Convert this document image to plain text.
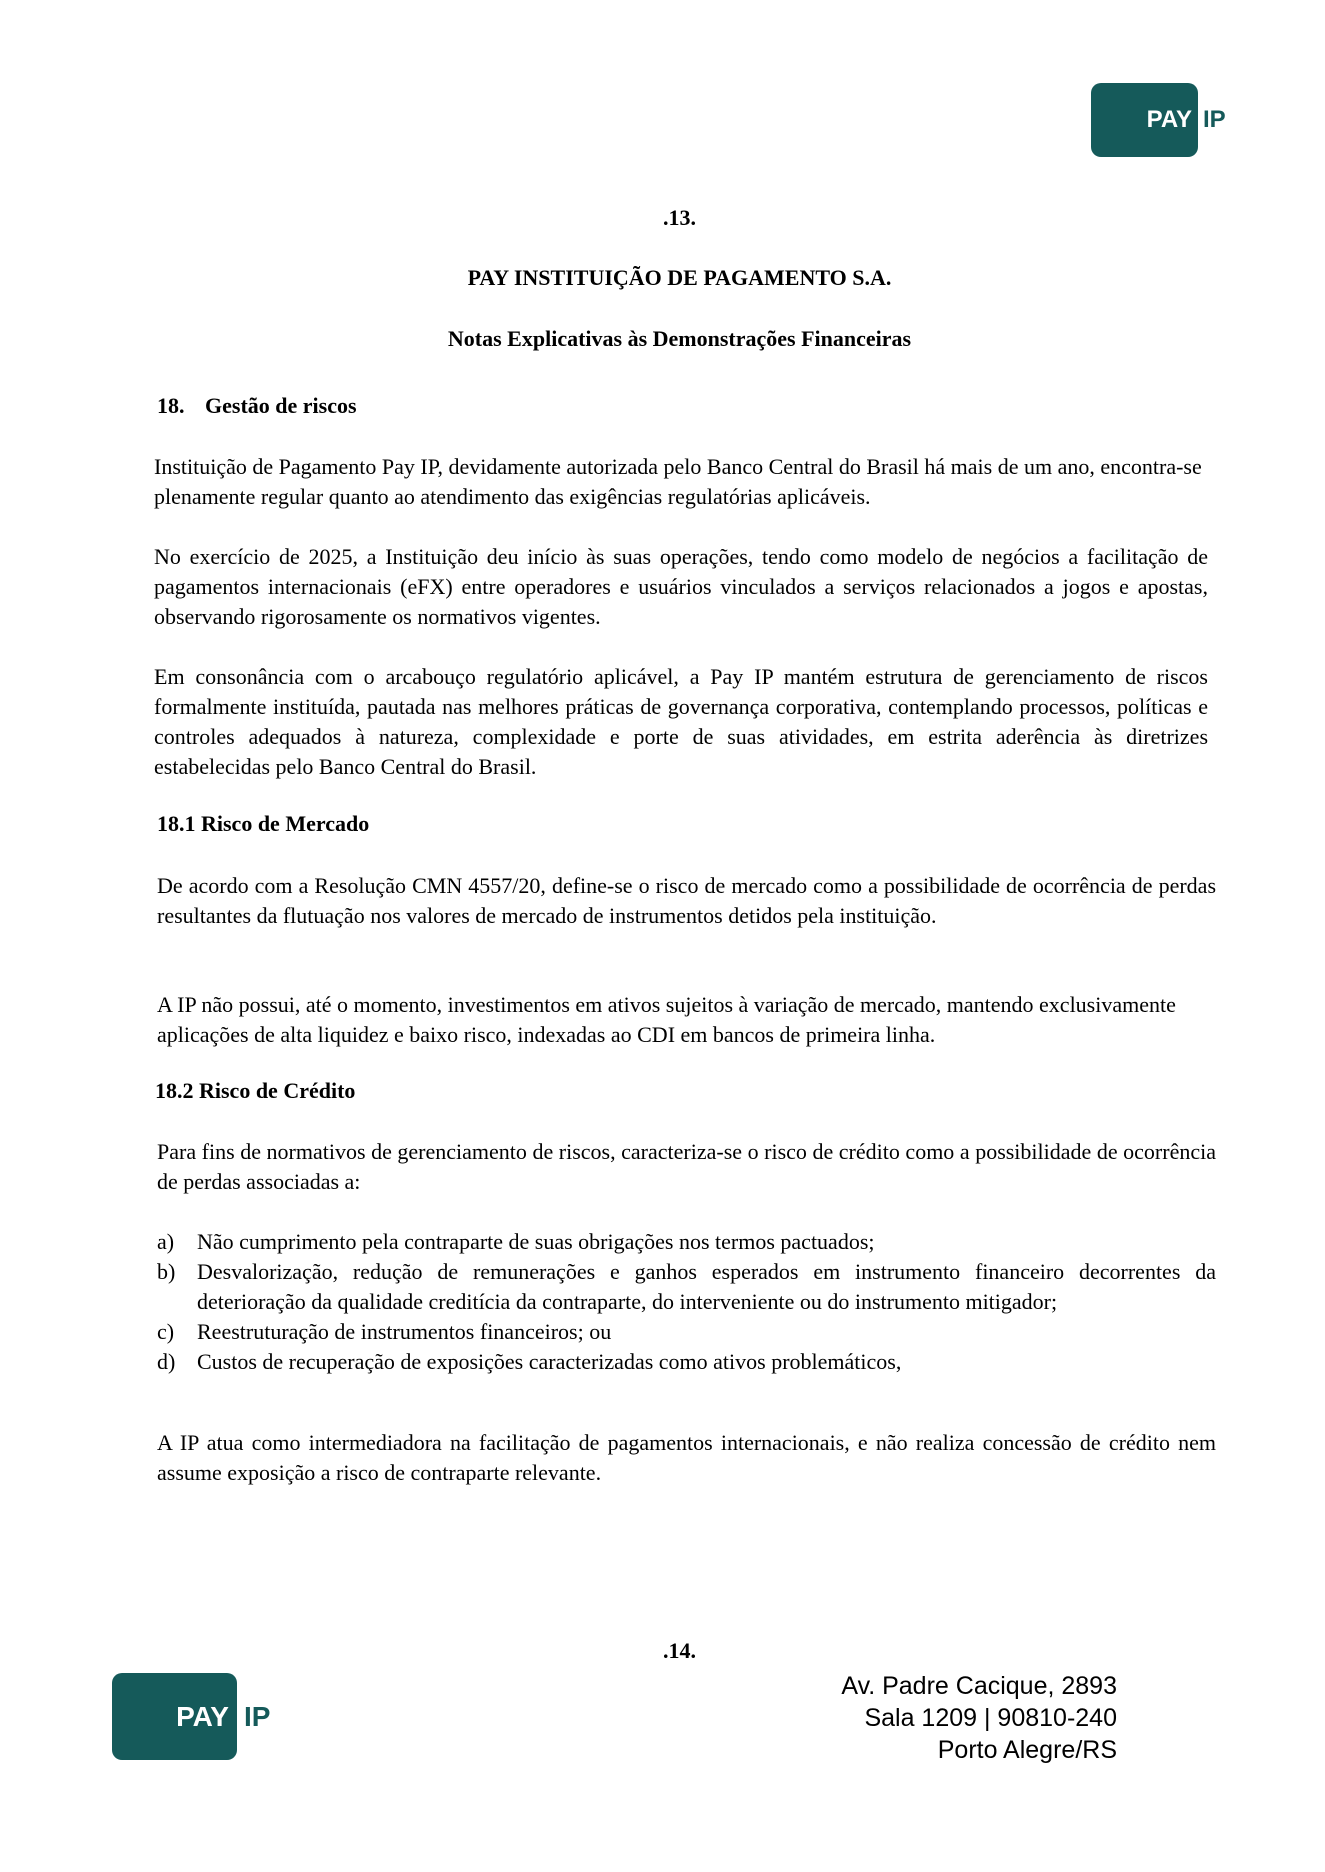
PAY IP
.13.
PAY INSTITUIÇÃO DE PAGAMENTO S.A.
Notas Explicativas às Demonstrações Financeiras
18. Gestão de riscos
Instituição de Pagamento Pay IP, devidamente autorizada pelo Banco Central do Brasil há mais de um ano, encontra-se plenamente regular quanto ao atendimento das exigências regulatórias aplicáveis.
No exercício de 2025, a Instituição deu início às suas operações, tendo como modelo de negócios a facilitação de pagamentos internacionais (eFX) entre operadores e usuários vinculados a serviços relacionados a jogos e apostas, observando rigorosamente os normativos vigentes.
Em consonância com o arcabouço regulatório aplicável, a Pay IP mantém estrutura de gerenciamento de riscos formalmente instituída, pautada nas melhores práticas de governança corporativa, contemplando processos, políticas e controles adequados à natureza, complexidade e porte de suas atividades, em estrita aderência às diretrizes estabelecidas pelo Banco Central do Brasil.
18.1 Risco de Mercado
De acordo com a Resolução CMN 4557/20, define-se o risco de mercado como a possibilidade de ocorrência de perdas resultantes da flutuação nos valores de mercado de instrumentos detidos pela instituição.
A IP não possui, até o momento, investimentos em ativos sujeitos à variação de mercado, mantendo exclusivamente aplicações de alta liquidez e baixo risco, indexadas ao CDI em bancos de primeira linha.
18.2 Risco de Crédito
Para fins de normativos de gerenciamento de riscos, caracteriza-se o risco de crédito como a possibilidade de ocorrência de perdas associadas a:
a)	Não cumprimento pela contraparte de suas obrigações nos termos pactuados;
b) Desvalorização, redução de remunerações e ganhos esperados em instrumento financeiro decorrentes da deterioração da qualidade creditícia da contraparte, do interveniente ou do instrumento mitigador;
c)	Reestruturação de instrumentos financeiros; ou
d) Custos de recuperação de exposições caracterizadas como ativos problemáticos,
A IP atua como intermediadora na facilitação de pagamentos internacionais, e não realiza concessão de crédito nem assume exposição a risco de contraparte relevante.
.14.
PAY IP
Av. Padre Cacique, 2893
Sala 1209 | 90810-240
Porto Alegre/RS
